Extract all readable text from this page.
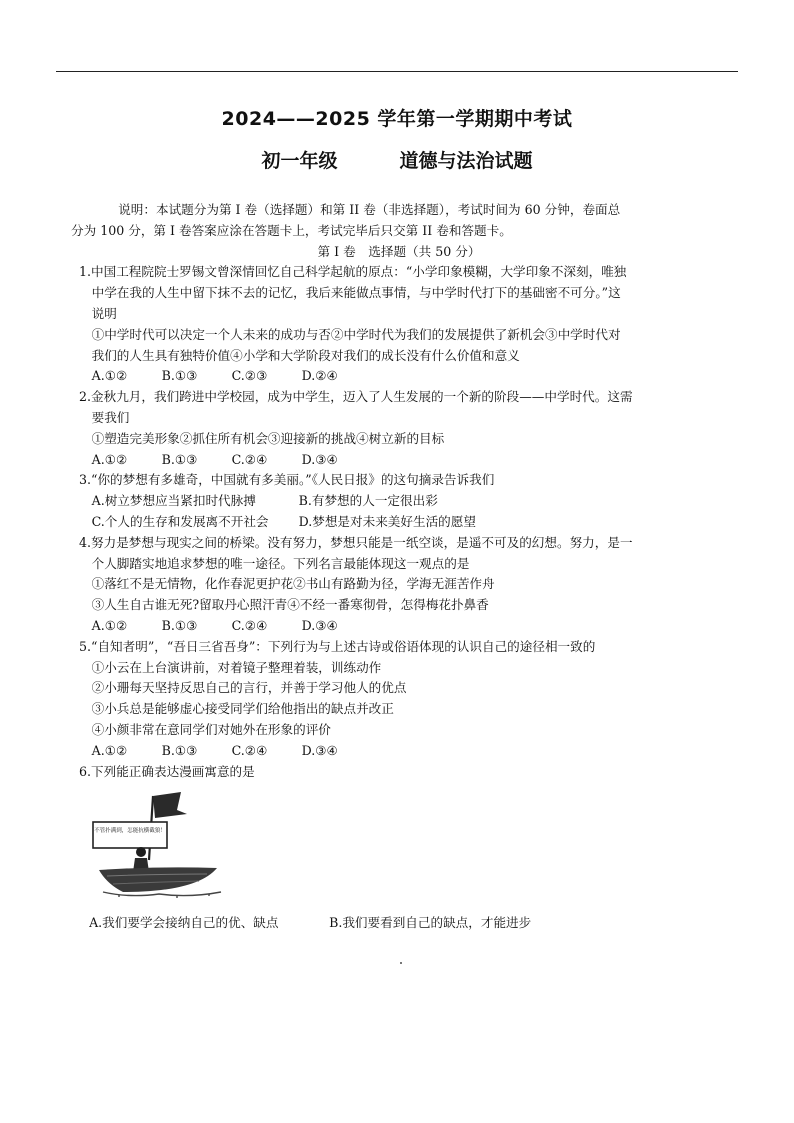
2024——2025 学年第一学期期中考试
初一年级	道德与法治试题

说明：本试题分为第 I 卷（选择题）和第 II 卷（非选择题），考试时间为 60 分钟，卷面总

分为 100 分，第 I 卷答案应涂在答题卡上，考试完毕后只交第 II 卷和答题卡。

第 I 卷　选择题（共 50 分）

1.中国工程院院士罗锡文曾深情回忆自己科学起航的原点：“小学印象模糊，大学印象不深刻，唯独

中学在我的人生中留下抹不去的记忆，我后来能做点事情，与中学时代打下的基础密不可分。”这

说明

①中学时代可以决定一个人未来的成功与否②中学时代为我们的发展提供了新机会③中学时代对

我们的人生具有独特价值④小学和大学阶段对我们的成长没有什么价值和意义

A.①②	B.①③	C.②③	D.②④

2.金秋九月，我们跨进中学校园，成为中学生，迈入了人生发展的一个新的阶段——中学时代。这需

要我们

①塑造完美形象②抓住所有机会③迎接新的挑战④树立新的目标

A.①②	B.①③	C.②④	D.③④

3.“你的梦想有多雄奇，中国就有多美丽。”《人民日报》的这句摘录告诉我们

A.树立梦想应当紧扣时代脉搏	B.有梦想的人一定很出彩
C.个人的生存和发展离不开社会	D.梦想是对未来美好生活的愿望

4.努力是梦想与现实之间的桥梁。没有努力，梦想只能是一纸空谈，是遥不可及的幻想。努力，是一

个人脚踏实地追求梦想的唯一途径。下列名言最能体现这一观点的是

①落红不是无情物，化作春泥更护花②书山有路勤为径，学海无涯苦作舟

③人生自古谁无死?留取丹心照汗青④不经一番寒彻骨，怎得梅花扑鼻香

A.①②	B.①③	C.②④	D.③④

5.“自知者明”，“吾日三省吾身”：下列行为与上述古诗或俗语体现的认识自己的途径相一致的

①小云在上台演讲前，对着镜子整理着装，训练动作

②小珊每天坚持反思自己的言行，并善于学习他人的优点

③小兵总是能够虚心接受同学们给他指出的缺点并改正

④小颜非常在意同学们对她外在形象的评价

A.①②	B.①③	C.②④	D.③④

6.下列能正确表达漫画寓意的是

不管扑满到，怎能抗横截狼！
A.我们要学会接纳自己的优、缺点	B.我们要看到自己的缺点，才能进步
